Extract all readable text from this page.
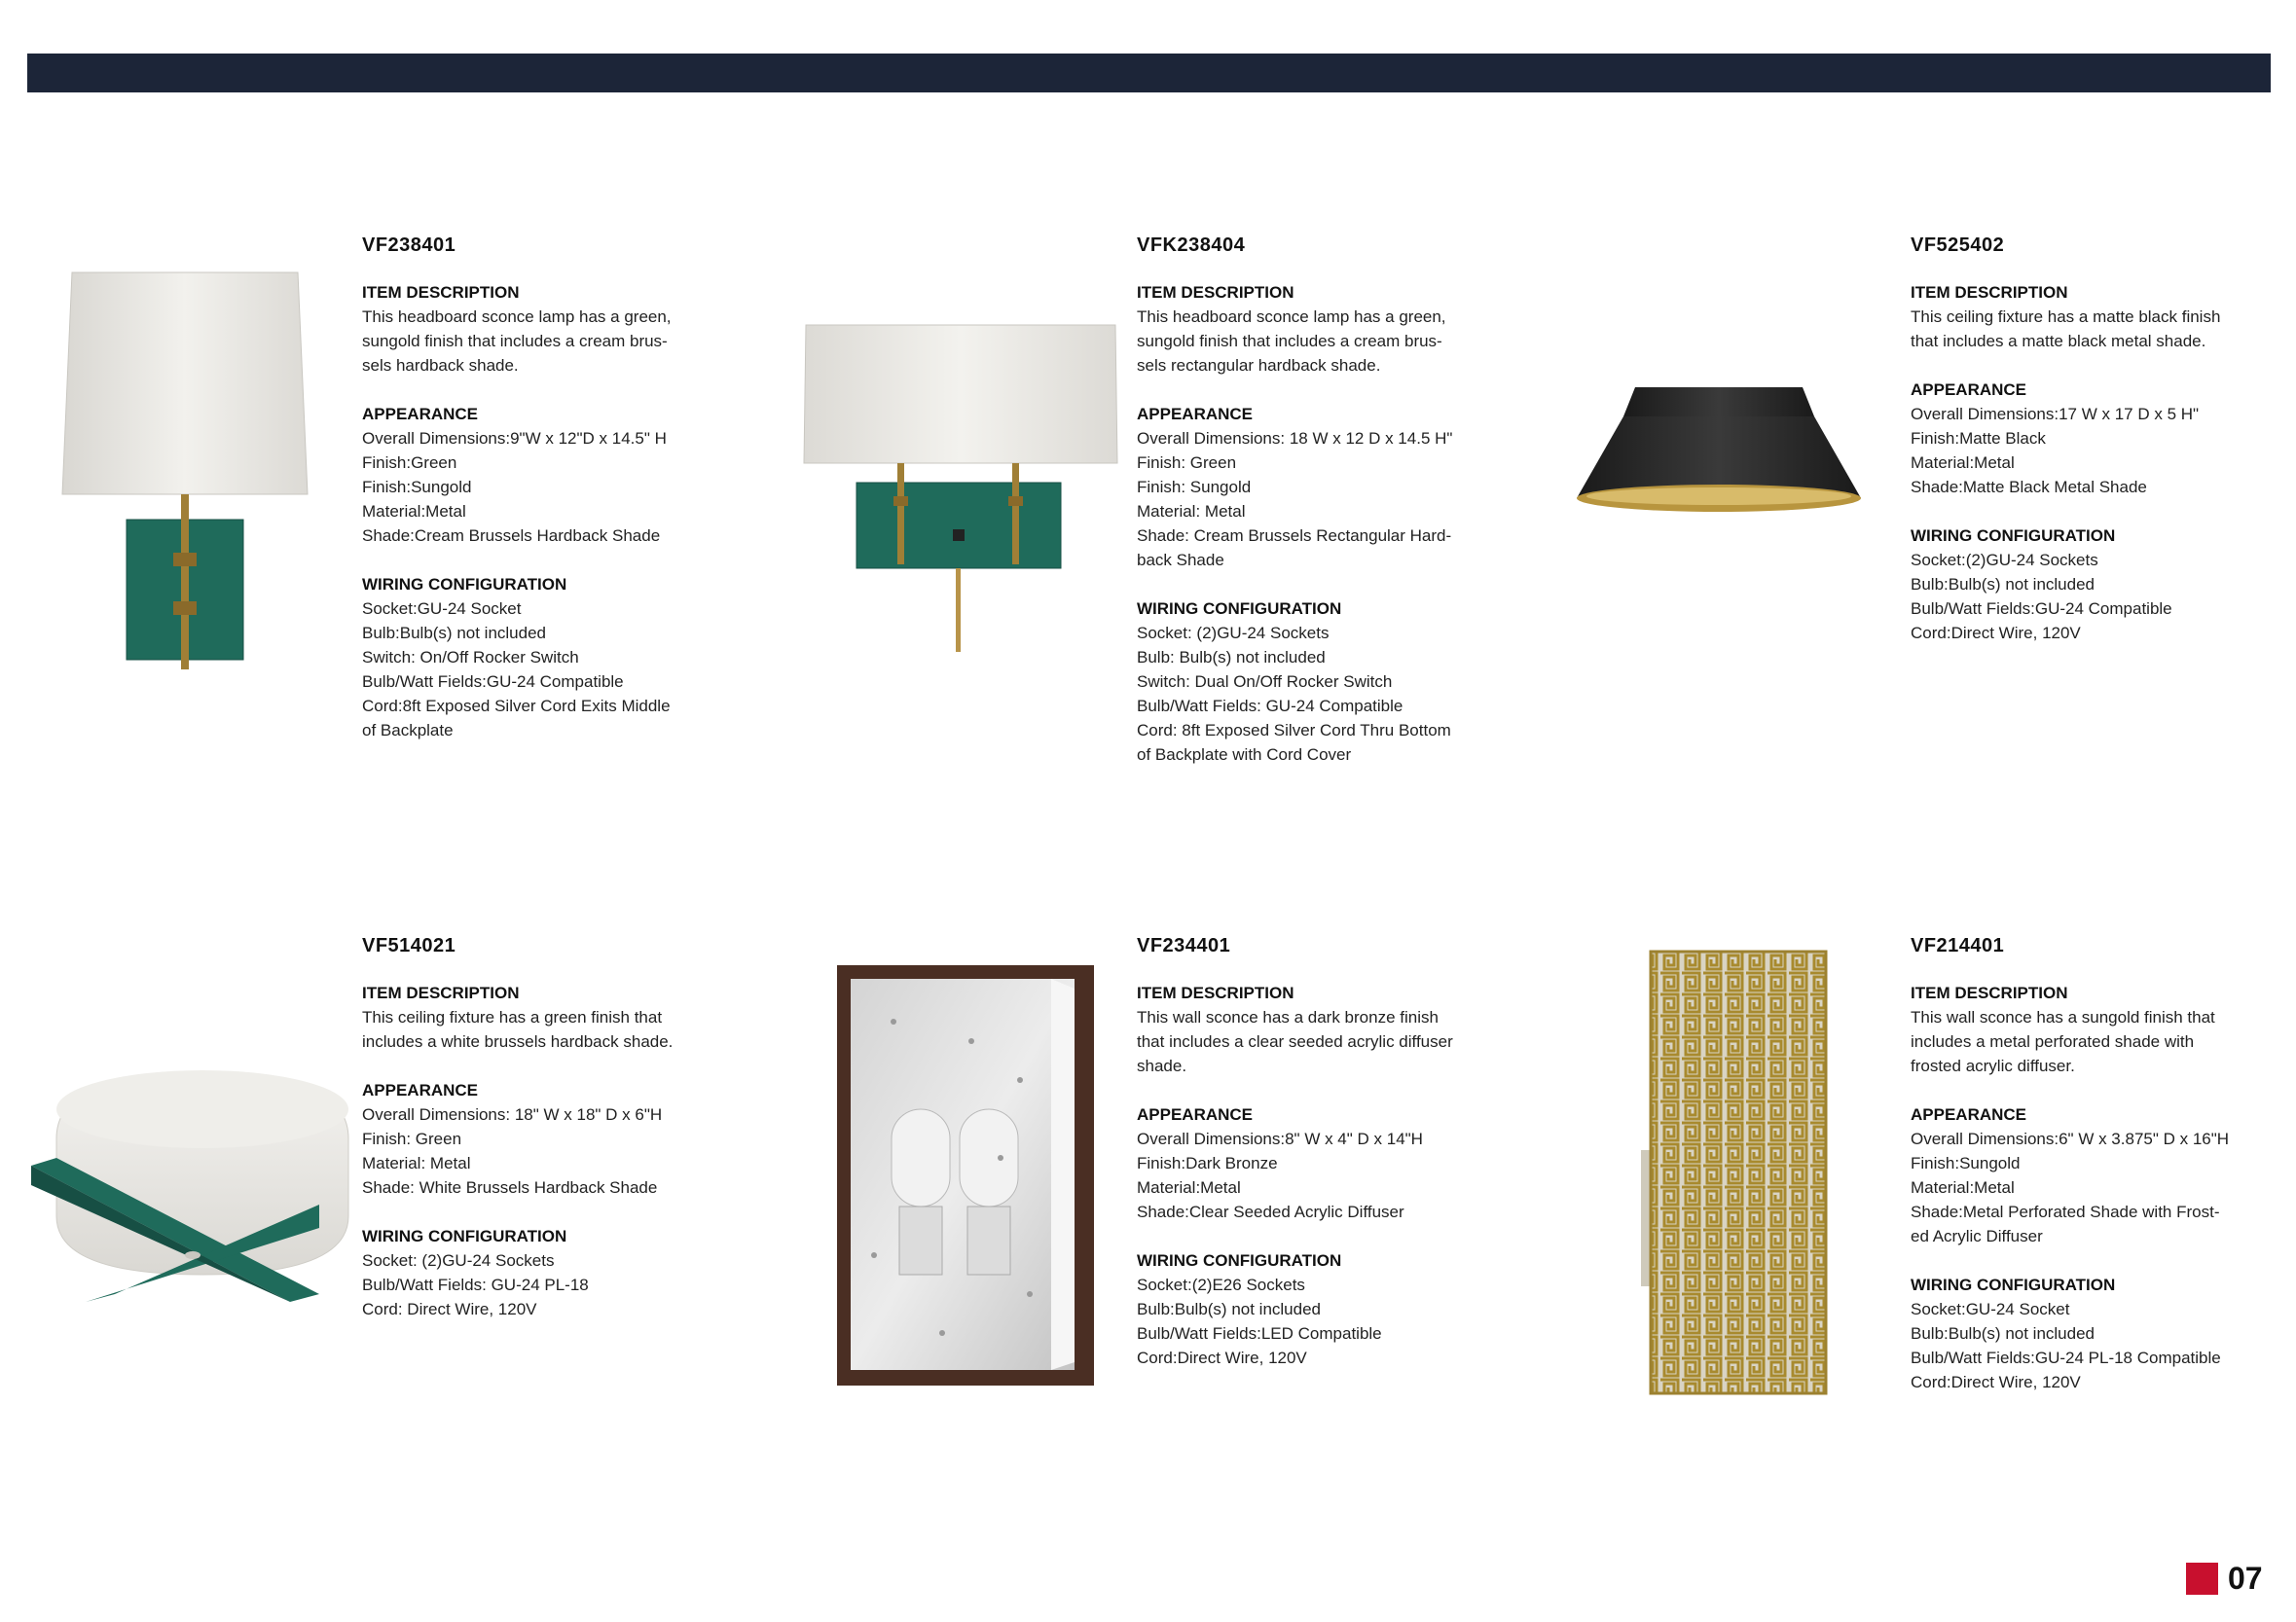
VF238401
ITEM DESCRIPTION
This headboard sconce lamp has a green,
sungold finish that includes a cream brus-
sels hardback shade.
APPEARANCE
Overall Dimensions:9"W x 12"D x 14.5" H
Finish:Green
Finish:Sungold
Material:Metal
Shade:Cream Brussels Hardback Shade
WIRING CONFIGURATION
Socket:GU-24 Socket
Bulb:Bulb(s) not included
Switch: On/Off Rocker Switch
Bulb/Watt Fields:GU-24 Compatible
Cord:8ft Exposed Silver Cord Exits Middle
of Backplate
VFK238404
ITEM DESCRIPTION
This headboard sconce lamp has a green,
sungold finish that includes a cream brus-
sels rectangular hardback shade.
APPEARANCE
Overall Dimensions: 18 W x 12 D x 14.5 H"
Finish: Green
Finish: Sungold
Material: Metal
Shade: Cream Brussels Rectangular Hard-
back Shade
WIRING CONFIGURATION
Socket: (2)GU-24 Sockets
Bulb: Bulb(s) not included
Switch: Dual On/Off Rocker Switch
Bulb/Watt Fields: GU-24 Compatible
Cord: 8ft Exposed Silver Cord Thru Bottom
of Backplate with Cord Cover
VF525402
ITEM DESCRIPTION
This ceiling fixture has a matte black finish
that includes a matte black metal shade.
APPEARANCE
Overall Dimensions:17 W x 17 D x 5 H"
Finish:Matte Black
Material:Metal
Shade:Matte Black Metal Shade
WIRING CONFIGURATION
Socket:(2)GU-24 Sockets
Bulb:Bulb(s) not included
Bulb/Watt Fields:GU-24 Compatible
Cord:Direct Wire, 120V
VF514021
ITEM DESCRIPTION
This ceiling fixture has a green finish that
includes a white brussels hardback shade.
APPEARANCE
Overall Dimensions: 18" W x 18" D x 6"H
Finish: Green
Material: Metal
Shade: White Brussels Hardback Shade
WIRING CONFIGURATION
Socket: (2)GU-24 Sockets
Bulb/Watt Fields: GU-24 PL-18
Cord: Direct Wire, 120V
VF234401
ITEM DESCRIPTION
This wall sconce has a dark bronze finish
that includes a clear seeded acrylic diffuser
shade.
APPEARANCE
Overall Dimensions:8" W x 4" D x 14"H
Finish:Dark Bronze
Material:Metal
Shade:Clear Seeded Acrylic Diffuser
WIRING CONFIGURATION
Socket:(2)E26 Sockets
Bulb:Bulb(s) not included
Bulb/Watt Fields:LED Compatible
Cord:Direct Wire, 120V
VF214401
ITEM DESCRIPTION
This wall sconce has a sungold finish that
includes a metal perforated shade with
frosted acrylic diffuser.
APPEARANCE
Overall Dimensions:6" W x 3.875" D x 16"H
Finish:Sungold
Material:Metal
Shade:Metal Perforated Shade with Frost-
ed Acrylic Diffuser
WIRING CONFIGURATION
Socket:GU-24 Socket
Bulb:Bulb(s) not included
Bulb/Watt Fields:GU-24 PL-18 Compatible
Cord:Direct Wire, 120V
07
